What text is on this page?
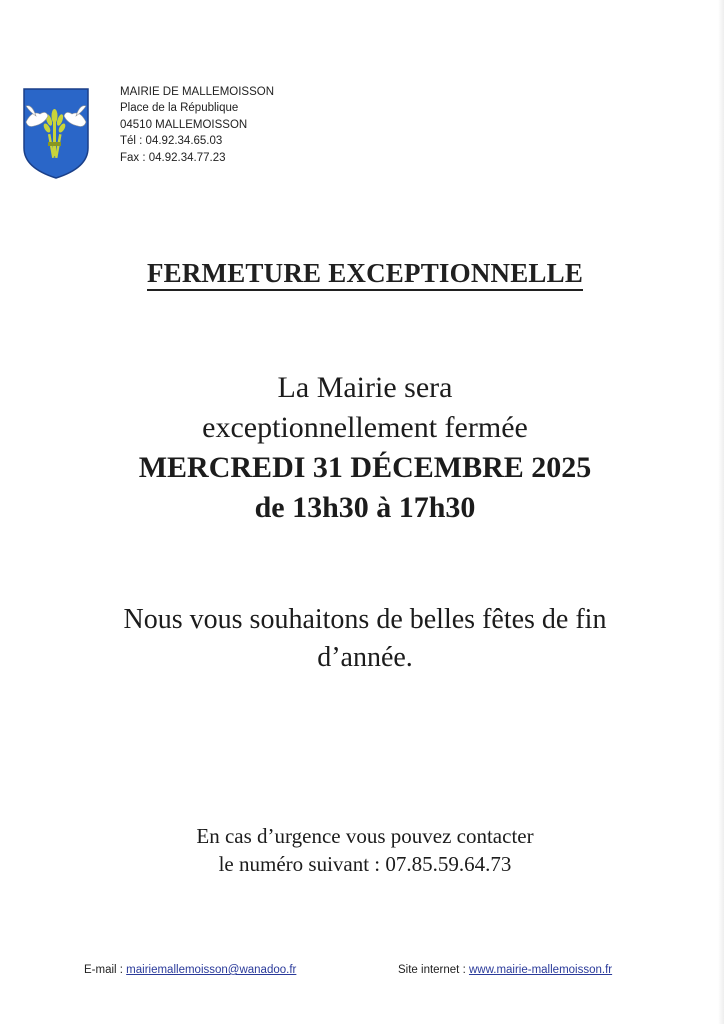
MAIRIE DE MALLEMOISSON
Place de la République
04510 MALLEMOISSON
Tél : 04.92.34.65.03
Fax : 04.92.34.77.23
FERMETURE EXCEPTIONNELLE
La Mairie sera
exceptionnellement fermée
MERCREDI 31 DÉCEMBRE 2025
de 13h30 à 17h30
Nous vous souhaitons de belles fêtes de fin
d’année.
En cas d’urgence vous pouvez contacter
le numéro suivant : 07.85.59.64.73
E-mail : mairiemallemoisson@wanadoo.fr	Site internet : www.mairie-mallemoisson.fr
